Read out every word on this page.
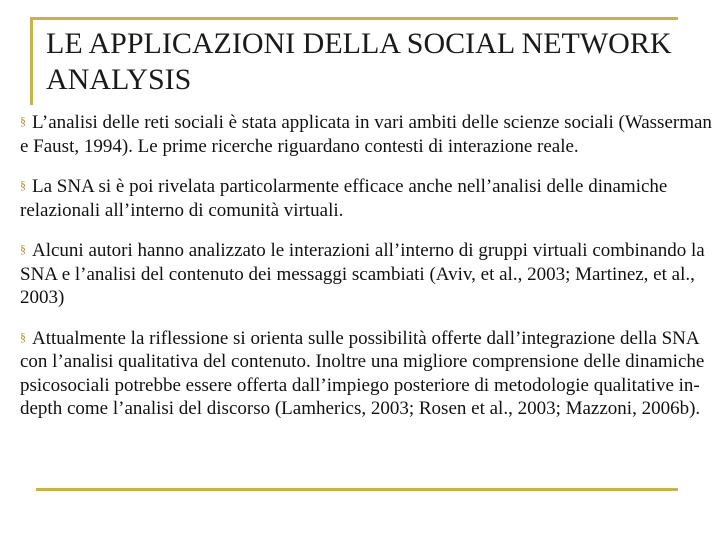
LE APPLICAZIONI DELLA SOCIAL NETWORK ANALYSIS

§ L’analisi delle reti sociali è stata applicata in vari ambiti delle scienze sociali (Wasserman e Faust, 1994). Le prime ricerche riguardano contesti di interazione reale.

§ La SNA si è poi rivelata particolarmente efficace anche nell’analisi delle dinamiche relazionali all’interno di comunità virtuali.

§ Alcuni autori hanno analizzato le interazioni all’interno di gruppi virtuali combinando la SNA e l’analisi del contenuto dei messaggi scambiati (Aviv, et al., 2003; Martinez, et al., 2003)

§ Attualmente la riflessione si orienta sulle possibilità offerte dall’integrazione della SNA con l’analisi qualitativa del contenuto. Inoltre una migliore comprensione delle dinamiche psicosociali potrebbe essere offerta dall’impiego posteriore di metodologie qualitative in-depth come l’analisi del discorso (Lamherics, 2003; Rosen et al., 2003; Mazzoni, 2006b).
